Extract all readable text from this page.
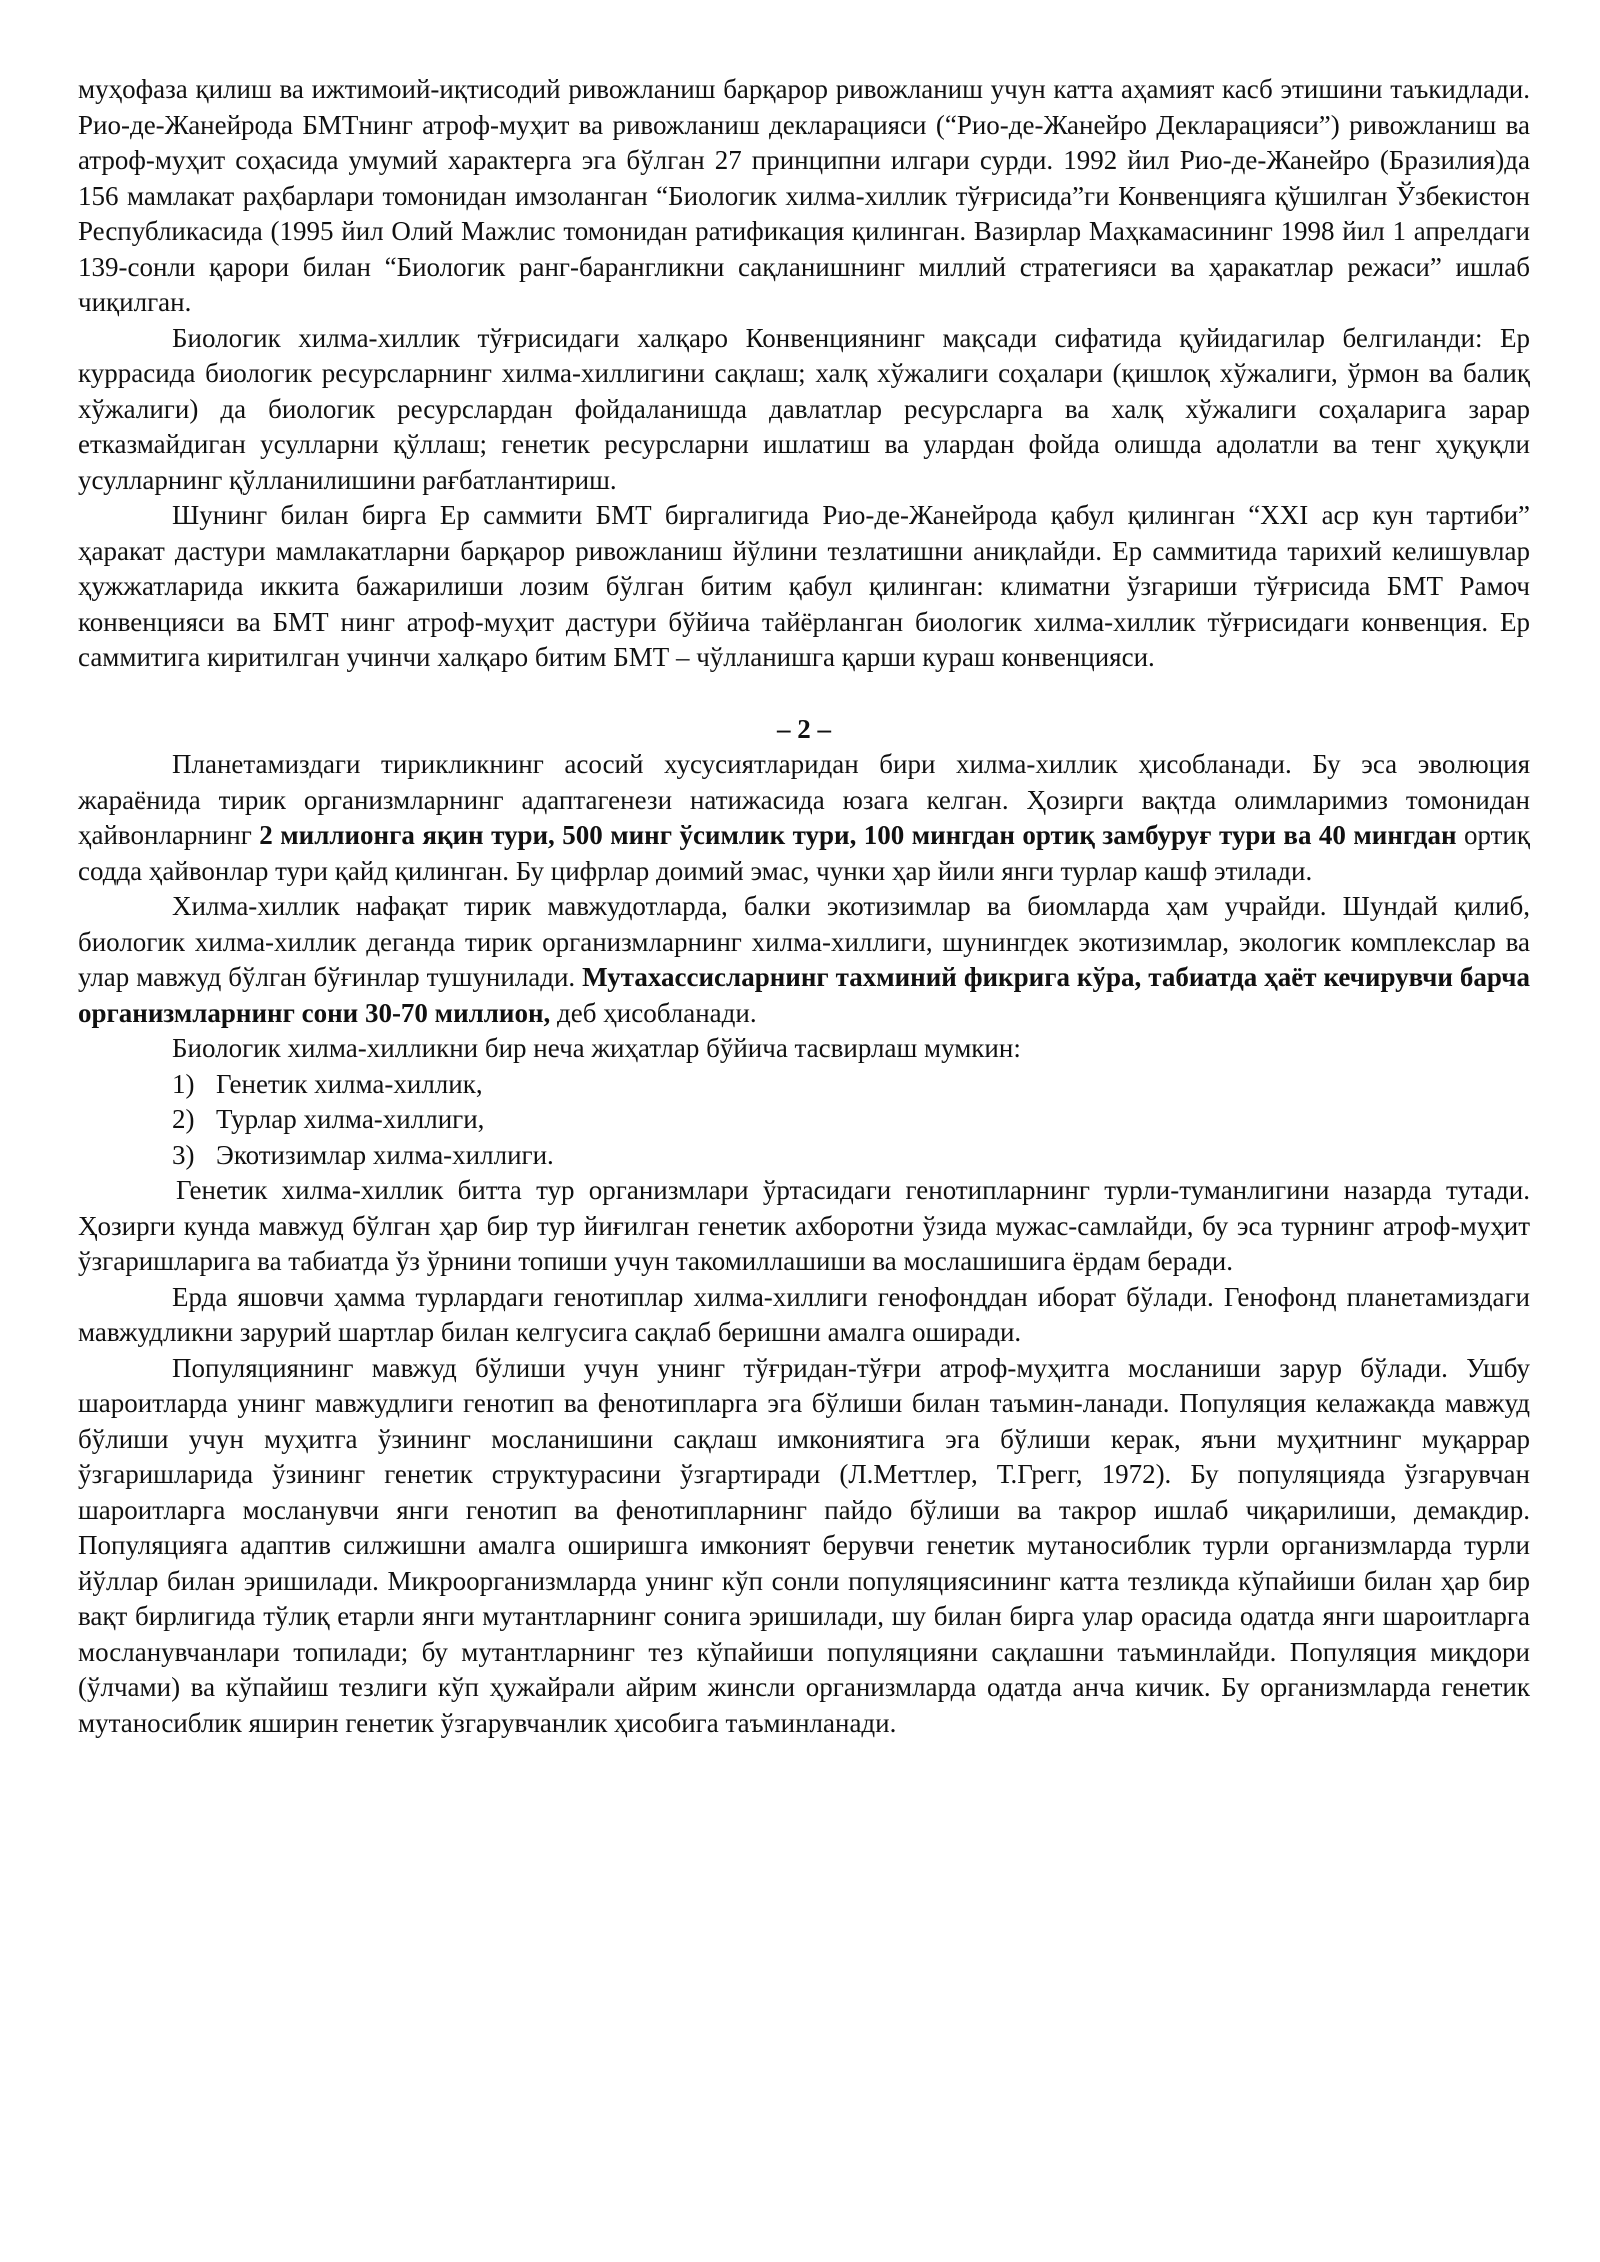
муҳофаза қилиш ва ижтимоий-иқтисодий ривожланиш барқарор ривожланиш учун катта аҳамият касб этишини таъкидлади. Рио-де-Жанейрода БМТнинг атроф-муҳит ва ривожланиш декларацияси (“Рио-де-Жанейро Декларацияси”) ривожланиш ва атроф-муҳит соҳасида умумий характерга эга бўлган 27 принципни илгари сурди. 1992 йил Рио-де-Жанейро (Бразилия)да 156 мамлакат раҳбарлари томонидан имзоланган “Биологик хилма-хиллик тўғрисида”ги Конвенцияга қўшилган Ўзбекистон Республикасида (1995 йил Олий Мажлис томонидан ратификация қилинган. Вазирлар Маҳкамасининг 1998 йил 1 апрелдаги 139-сонли қарори билан “Биологик ранг-барангликни сақланишнинг миллий стратегияси ва ҳаракатлар режаси” ишлаб чиқилган.

Биологик хилма-хиллик тўғрисидаги халқаро Конвенциянинг мақсади сифатида қуйидагилар белгиланди: Ер куррасида биологик ресурсларнинг хилма-хиллигини сақлаш; халқ хўжалиги соҳалари (қишлоқ хўжалиги, ўрмон ва балиқ хўжалиги) да биологик ресурслардан фойдаланишда давлатлар ресурсларга ва халқ хўжалиги соҳаларига зарар етказмайдиган усулларни қўллаш; генетик ресурсларни ишлатиш ва улардан фойда олишда адолатли ва тенг ҳуқуқли усулларнинг қўлланилишини рағбатлантириш.

Шунинг билан бирга Ер саммити БМТ биргалигида Рио-де-Жанейрода қабул қилинган “XXI аср кун тартиби” ҳаракат дастури мамлакатларни барқарор ривожланиш йўлини тезлатишни аниқлайди. Ер саммитида тарихий келишувлар ҳужжатларида иккита бажарилиши лозим бўлган битим қабул қилинган: климатни ўзгариши тўғрисида БМТ Рамоч конвенцияси ва БМТ нинг атроф-муҳит дастури бўйича тайёрланган биологик хилма-хиллик тўғрисидаги конвенция. Ер саммитига киритилган учинчи халқаро битим БМТ – чўлланишга қарши кураш конвенцияси.

– 2 –

Планетамиздаги тирикликнинг асосий хусусиятларидан бири хилма-хиллик ҳисобланади. Бу эса эволюция жараёнида тирик организмларнинг адаптагенези натижасида юзага келган. Ҳозирги вақтда олимларимиз томонидан ҳайвонларнинг 2 миллионга яқин тури, 500 минг ўсимлик тури, 100 мингдан ортиқ замбуруғ тури ва 40 мингдан ортиқ содда ҳайвонлар тури қайд қилинган. Бу цифрлар доимий эмас, чунки ҳар йили янги турлар кашф этилади.

Хилма-хиллик нафақат тирик мавжудотларда, балки экотизимлар ва биомларда ҳам учрайди. Шундай қилиб, биологик хилма-хиллик деганда тирик организмларнинг хилма-хиллиги, шунингдек экотизимлар, экологик комплекслар ва улар мавжуд бўлган бўғинлар тушунилади. Мутахассисларнинг тахминий фикрига кўра, табиатда ҳаёт кечирувчи барча организмларнинг сони 30-70 миллион, деб ҳисобланади.

Биологик хилма-хилликни бир неча жиҳатлар бўйича тасвирлаш мумкин:

1) Генетик хилма-хиллик,
2) Турлар хилма-хиллиги,
3) Экотизимлар хилма-хиллиги.

Генетик хилма-хиллик битта тур организмлари ўртасидаги генотипларнинг турли-туманлигини назарда тутади. Ҳозирги кунда мавжуд бўлган ҳар бир тур йиғилган генетик ахборотни ўзида мужас-самлайди, бу эса турнинг атроф-муҳит ўзгаришларига ва табиатда ўз ўрнини топиши учун такомиллашиши ва мослашишига ёрдам беради.

Ерда яшовчи ҳамма турлардаги генотиплар хилма-хиллиги генофонддан иборат бўлади. Генофонд планетамиздаги мавжудликни зарурий шартлар билан келгусига сақлаб беришни амалга оширади.

Популяциянинг мавжуд бўлиши учун унинг тўғридан-тўғри атроф-муҳитга мосланиши зарур бўлади. Ушбу шароитларда унинг мавжудлиги генотип ва фенотипларга эга бўлиши билан таъмин-ланади. Популяция келажакда мавжуд бўлиши учун муҳитга ўзининг мосланишини сақлаш имкониятига эга бўлиши керак, яъни муҳитнинг муқаррар ўзгаришларида ўзининг генетик структурасини ўзгартиради (Л.Меттлер, Т.Грегг, 1972). Бу популяцияда ўзгарувчан шароитларга мосланувчи янги генотип ва фенотипларнинг пайдо бўлиши ва такрор ишлаб чиқарилиши, демакдир. Популяцияга адаптив силжишни амалга оширишга имконият берувчи генетик мутаносиблик турли организмларда турли йўллар билан эришилади. Микроорганизмларда унинг кўп сонли популяциясининг катта тезликда кўпайиши билан ҳар бир вақт бирлигида тўлиқ етарли янги мутантларнинг сонига эришилади, шу билан бирга улар орасида одатда янги шароитларга мосланувчанлари топилади; бу мутантларнинг тез кўпайиши популяцияни сақлашни таъминлайди. Популяция миқдори (ўлчами) ва кўпайиш тезлиги кўп ҳужайрали айрим жинсли организмларда одатда анча кичик. Бу организмларда генетик мутаносиблик яширин генетик ўзгарувчанлик ҳисобига таъминланади.
